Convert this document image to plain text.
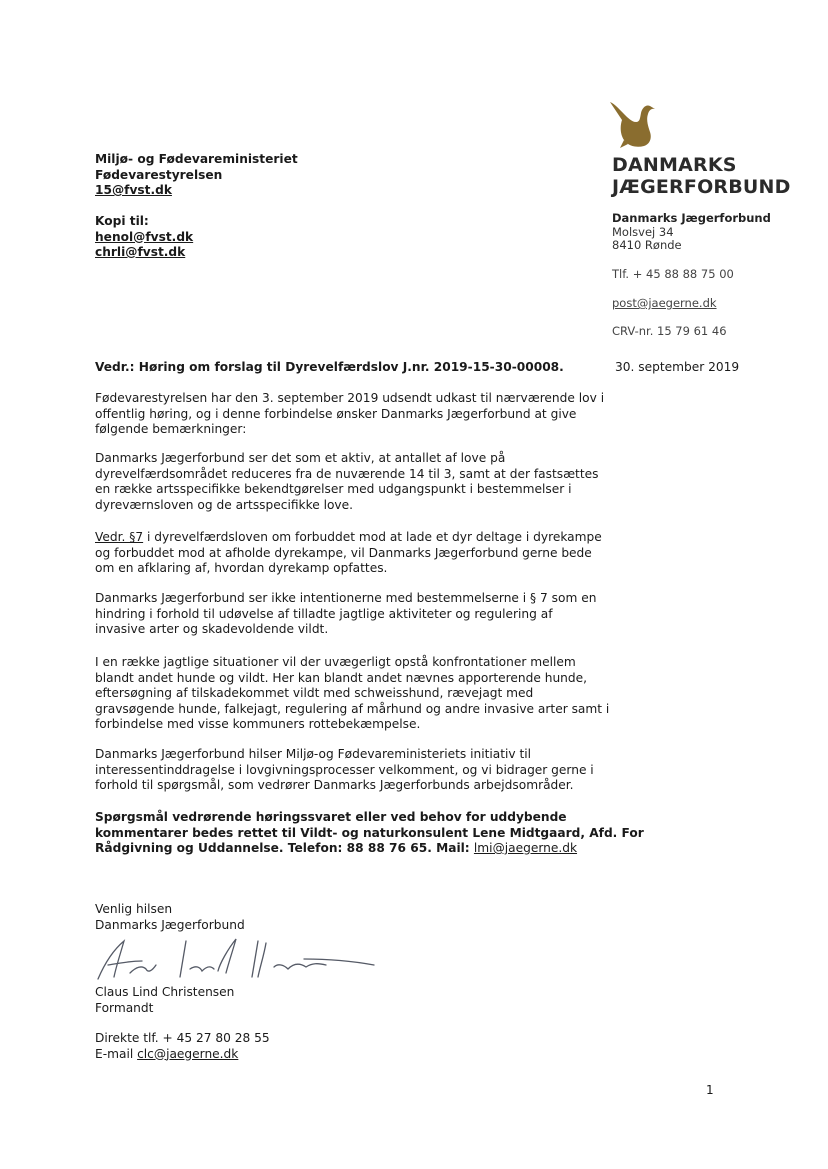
Miljø- og Fødevareministeriet
Fødevarestyrelsen
15@fvst.dk
Kopi til:
henol@fvst.dk
chrli@fvst.dk
DANMARKS
JÆGERFORBUND
Danmarks Jægerforbund
Molsvej 34
8410 Rønde
Tlf. + 45 88 88 75 00
post@jaegerne.dk
CRV-nr. 15 79 61 46
Vedr.: Høring om forslag til Dyrevelfærdslov J.nr. 2019-15-30-00008.	30. september 2019
Fødevarestyrelsen har den 3. september 2019 udsendt udkast til nærværende lov i
offentlig høring, og i denne forbindelse ønsker Danmarks Jægerforbund at give
følgende bemærkninger:
Danmarks Jægerforbund ser det som et aktiv, at antallet af love på
dyrevelfærdsområdet reduceres fra de nuværende 14 til 3, samt at der fastsættes
en række artsspecifikke bekendtgørelser med udgangspunkt i bestemmelser i
dyreværnsloven og de artsspecifikke love.
Vedr. §7 i dyrevelfærdsloven om forbuddet mod at lade et dyr deltage i dyrekampe
og forbuddet mod at afholde dyrekampe, vil Danmarks Jægerforbund gerne bede
om en afklaring af, hvordan dyrekamp opfattes.
Danmarks Jægerforbund ser ikke intentionerne med bestemmelserne i § 7 som en
hindring i forhold til udøvelse af tilladte jagtlige aktiviteter og regulering af
invasive arter og skadevoldende vildt.
I en række jagtlige situationer vil der uvægerligt opstå konfrontationer mellem
blandt andet hunde og vildt. Her kan blandt andet nævnes apporterende hunde,
eftersøgning af tilskadekommet vildt med schweisshund, rævejagt med
gravsøgende hunde, falkejagt, regulering af mårhund og andre invasive arter samt i
forbindelse med visse kommuners rottebekæmpelse.
Danmarks Jægerforbund hilser Miljø-og Fødevareministeriets initiativ til
interessentinddragelse i lovgivningsprocesser velkomment, og vi bidrager gerne i
forhold til spørgsmål, som vedrører Danmarks Jægerforbunds arbejdsområder.
Spørgsmål vedrørende høringssvaret eller ved behov for uddybende
kommentarer bedes rettet til Vildt- og naturkonsulent Lene Midtgaard, Afd. For
Rådgivning og Uddannelse. Telefon: 88 88 76 65. Mail: lmi@jaegerne.dk
Venlig hilsen
Danmarks Jægerforbund
Claus Lind Christensen
Formandt
Direkte tlf. + 45 27 80 28 55
E-mail clc@jaegerne.dk
1
